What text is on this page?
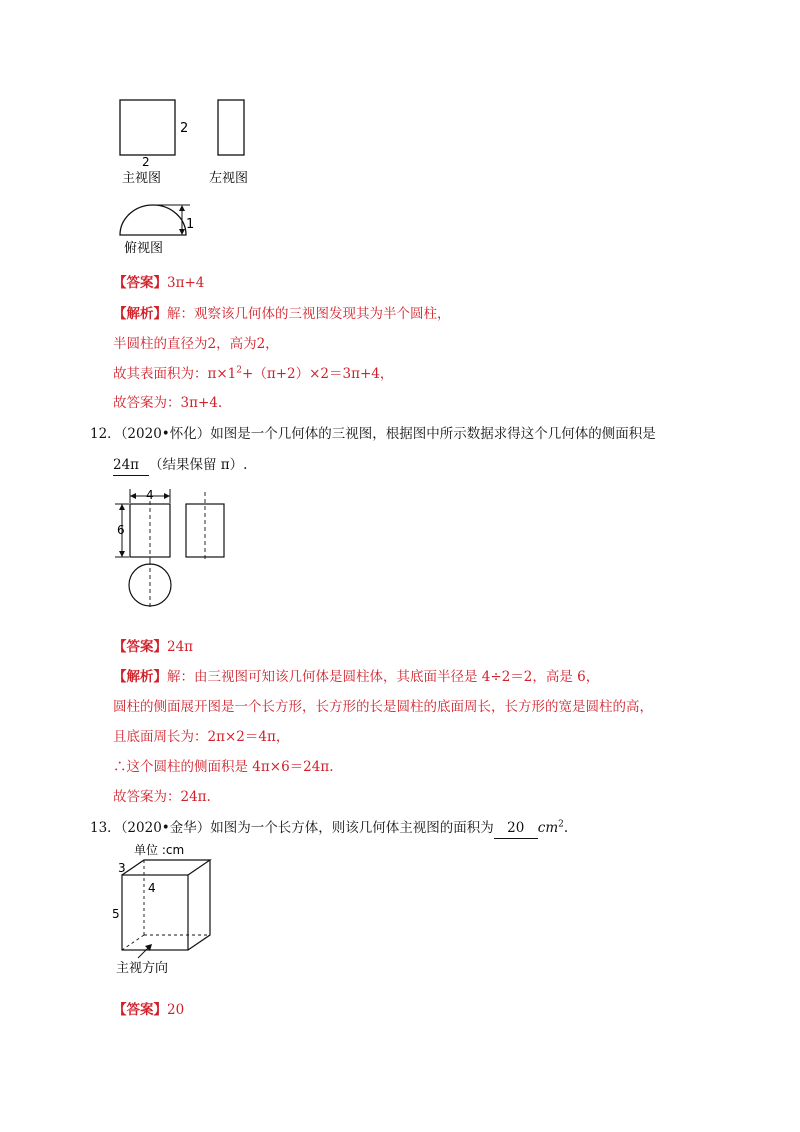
2
2
主视图	左视图
1
俯视图
【答案】3π+4
【解析】解：观察该几何体的三视图发现其为半个圆柱，
半圆柱的直径为2，高为2，
故其表面积为：$\pi\times 1^2+(\pi+2)\times 2=3\pi+4$，
故答案为：3π+4.
12．（2020•怀化）如图是一个几何体的三视图，根据图中所示数据求得这个几何体的侧面积是
24π （结果保留 π）.
4
6
【答案】24π
【解析】解：由三视图可知该几何体是圆柱体，其底面半径是 4÷2＝2，高是 6，
圆柱的侧面展开图是一个长方形，长方形的长是圆柱的底面周长，长方形的宽是圆柱的高，
且底面周长为：2π×2＝4π，
∴这个圆柱的侧面积是 4π×6＝24π.
故答案为：24π.
13．（2020•金华）如图为一个长方体，则该几何体主视图的面积为 20 $cm^2$.
单位 :cm
3
4
5
主视方向
【答案】20
